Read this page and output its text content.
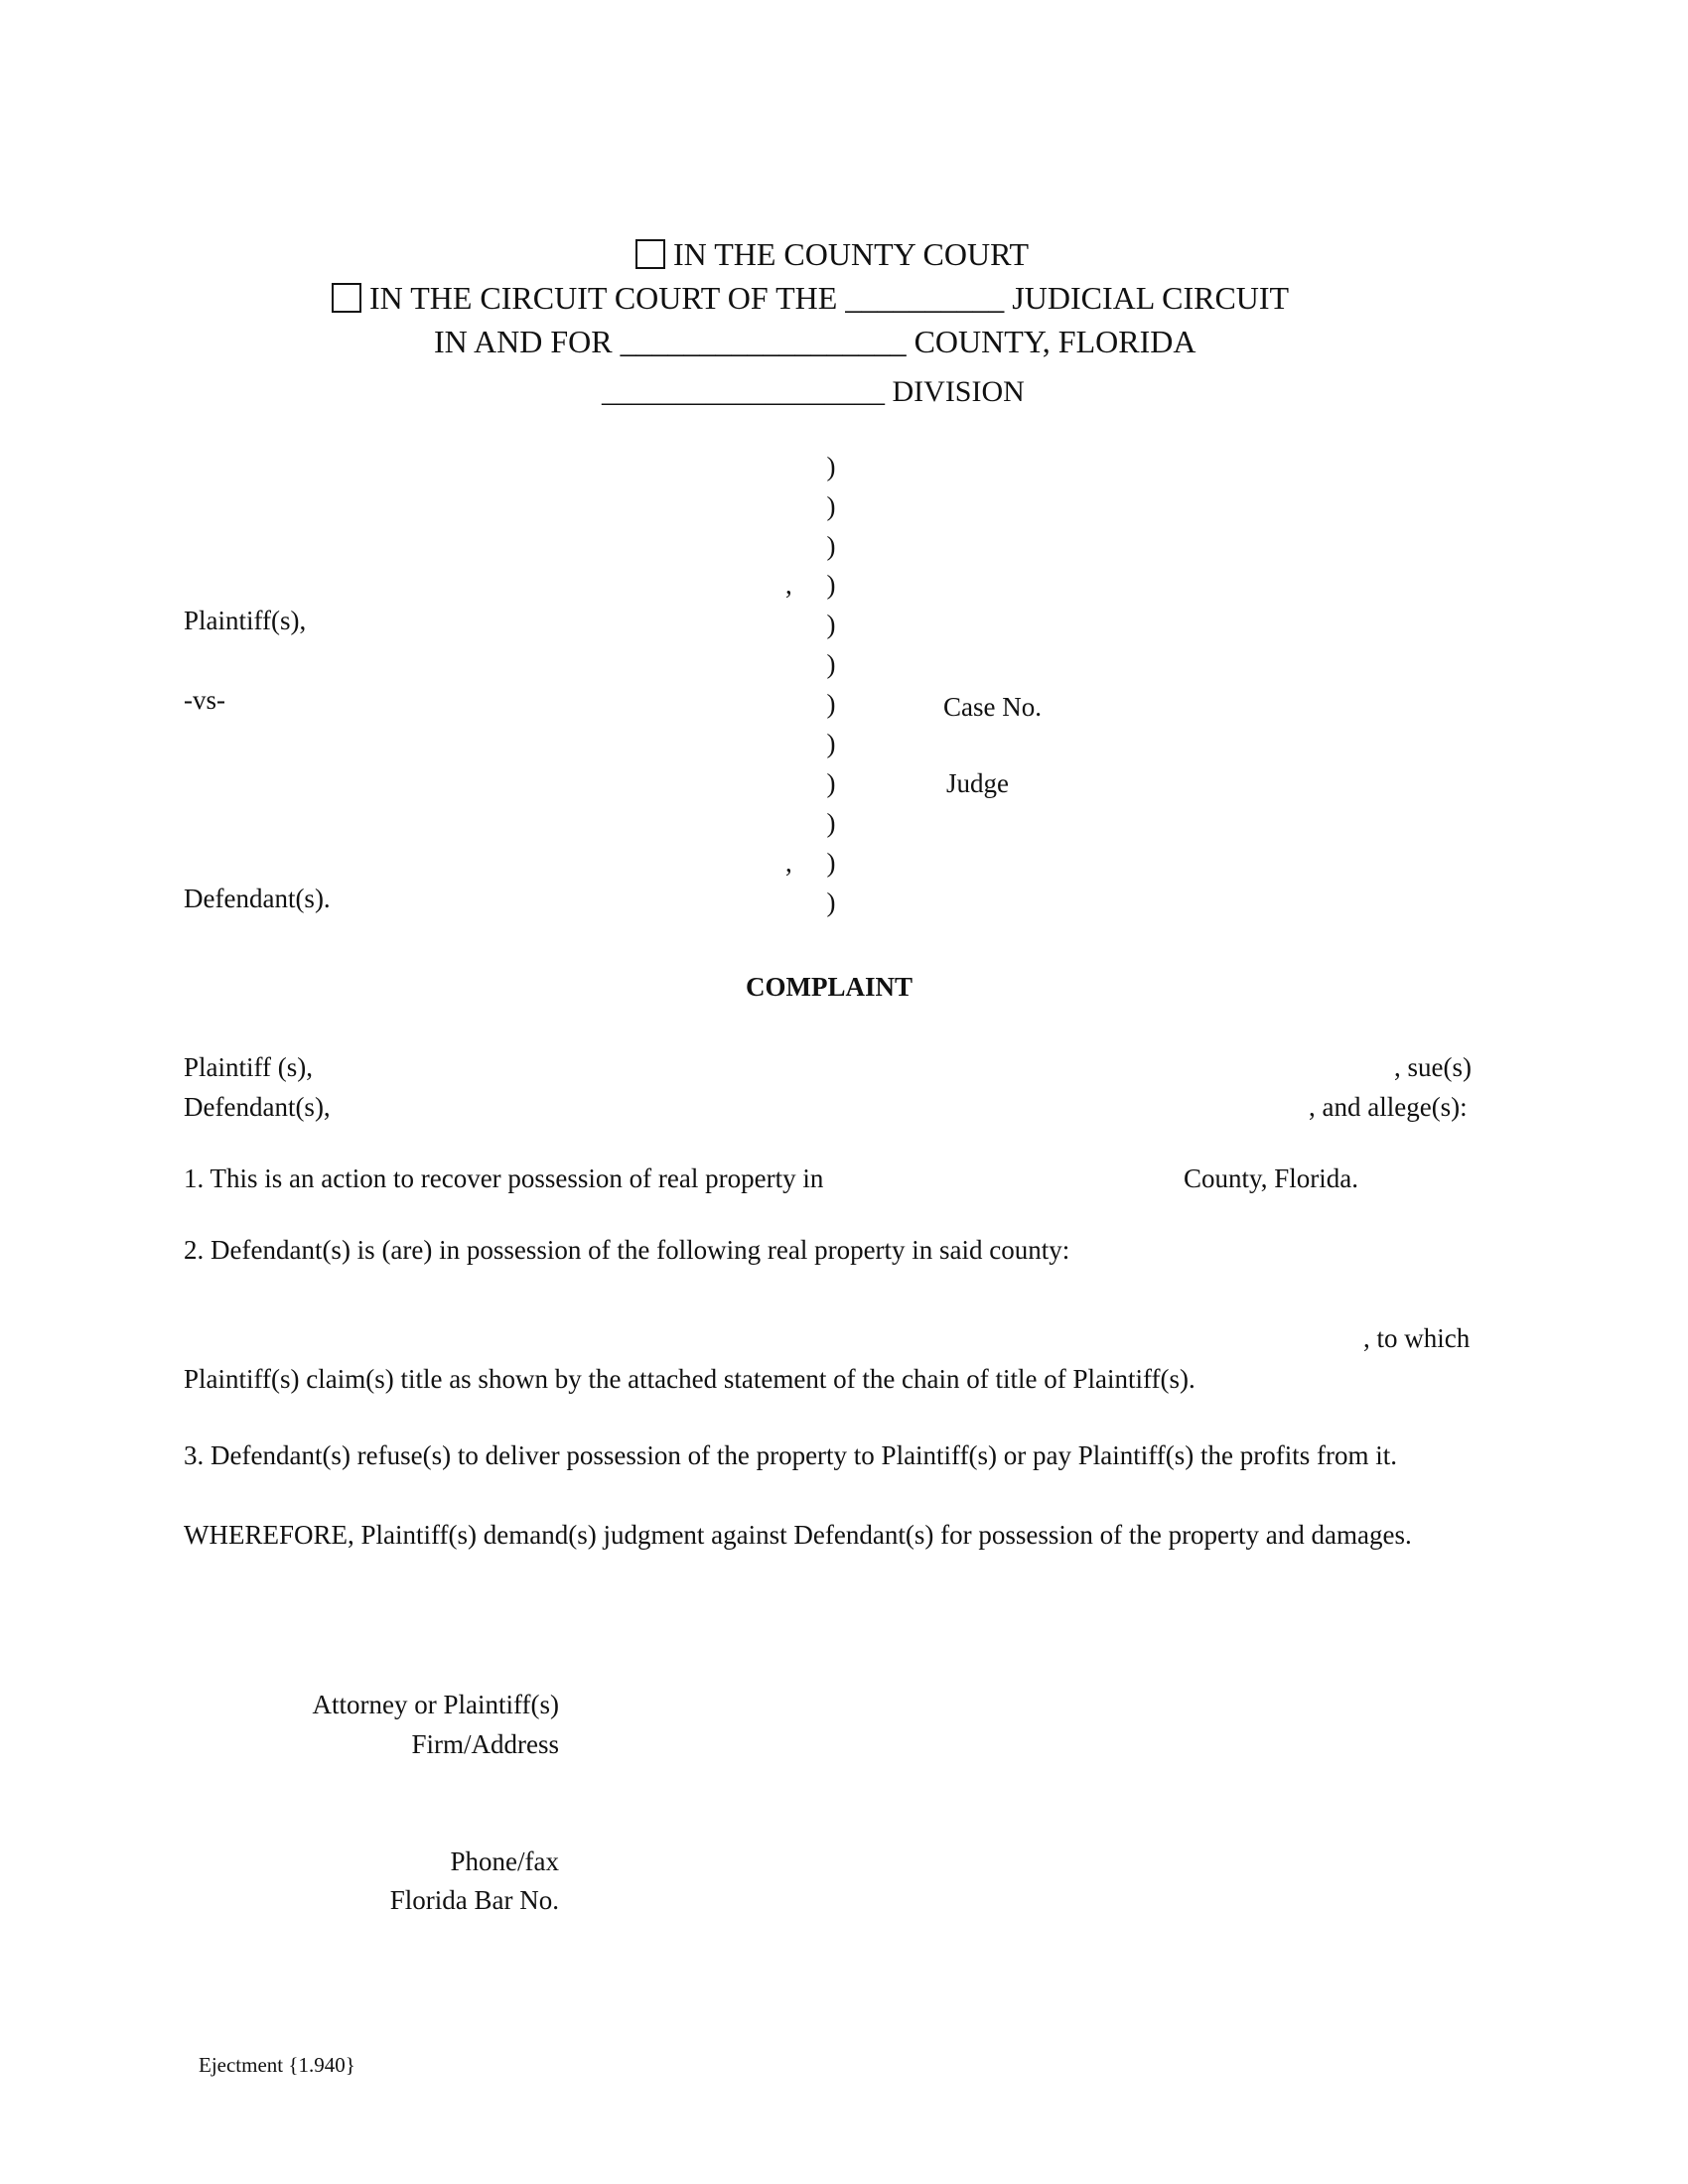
IN THE COUNTY COURT
IN THE CIRCUIT COURT OF THE __________ JUDICIAL CIRCUIT
IN AND FOR __________________ COUNTY, FLORIDA
___________________ DIVISION
)
)
)
)
)
)
)
)
)
)
)
)
,
,
Plaintiff(s),
-vs-
Defendant(s).
Case No.
Judge
COMPLAINT
Plaintiff (s),	, sue(s)
Defendant(s),	, and allege(s):
1. This is an action to recover possession of real property in	County, Florida.
2. Defendant(s) is (are) in possession of the following real property in said county:
, to which
Plaintiff(s) claim(s) title as shown by the attached statement of the chain of title of Plaintiff(s).
3. Defendant(s) refuse(s) to deliver possession of the property to Plaintiff(s) or pay Plaintiff(s) the profits from it.
WHEREFORE, Plaintiff(s) demand(s) judgment against Defendant(s) for possession of the property and damages.
Attorney or Plaintiff(s)
Firm/Address
Phone/fax
Florida Bar No.
Ejectment {1.940}
